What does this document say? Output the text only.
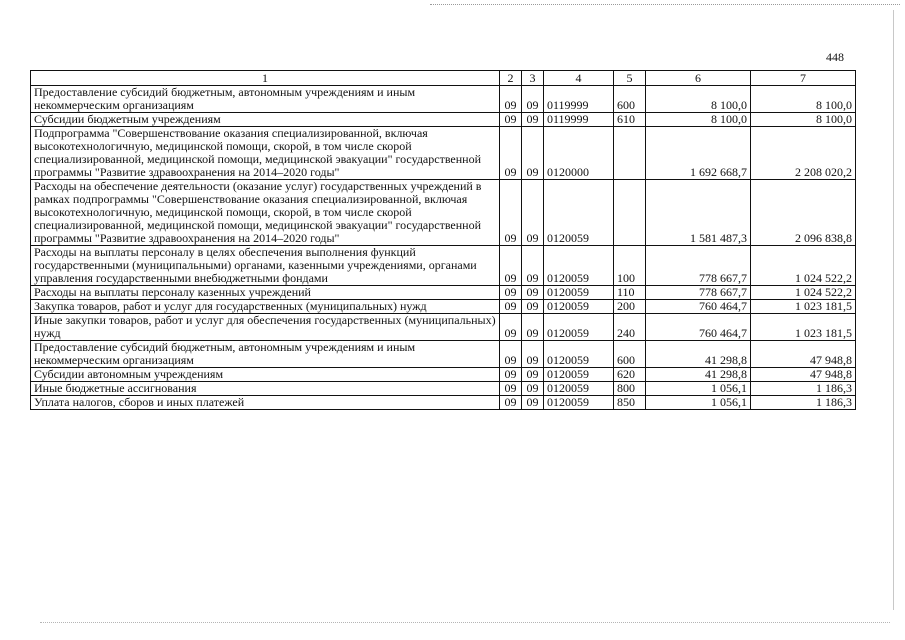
448
1	2	3	4	5	6	7
Предоставление субсидий бюджетным, автономным учреждениям и иным некоммерческим организациям	09	09	0119999	600	8 100,0	8 100,0
Субсидии бюджетным учреждениям	09	09	0119999	610	8 100,0	8 100,0
Подпрограмма "Совершенствование оказания специализированной, включая высокотехнологичную, медицинской помощи, скорой, в том числе скорой специализированной, медицинской помощи, медицинской эвакуации" государственной программы "Развитие здравоохранения на 2014–2020 годы"	09	09	0120000		1 692 668,7	2 208 020,2
Расходы на обеспечение деятельности (оказание услуг) государственных учреждений в рамках подпрограммы "Совершенствование оказания специализированной, включая высокотехнологичную, медицинской помощи, скорой, в том числе скорой специализированной, медицинской помощи, медицинской эвакуации" государственной программы "Развитие здравоохранения на 2014–2020 годы"	09	09	0120059		1 581 487,3	2 096 838,8
Расходы на выплаты персоналу в целях обеспечения выполнения функций государственными (муниципальными) органами, казенными учреждениями, органами управления государственными внебюджетными фондами	09	09	0120059	100	778 667,7	1 024 522,2
Расходы на выплаты персоналу казенных учреждений	09	09	0120059	110	778 667,7	1 024 522,2
Закупка товаров, работ и услуг для государственных (муниципальных) нужд	09	09	0120059	200	760 464,7	1 023 181,5
Иные закупки товаров, работ и услуг для обеспечения государственных (муниципальных) нужд	09	09	0120059	240	760 464,7	1 023 181,5
Предоставление субсидий бюджетным, автономным учреждениям и иным некоммерческим организациям	09	09	0120059	600	41 298,8	47 948,8
Субсидии автономным учреждениям	09	09	0120059	620	41 298,8	47 948,8
Иные бюджетные ассигнования	09	09	0120059	800	1 056,1	1 186,3
Уплата налогов, сборов и иных платежей	09	09	0120059	850	1 056,1	1 186,3
